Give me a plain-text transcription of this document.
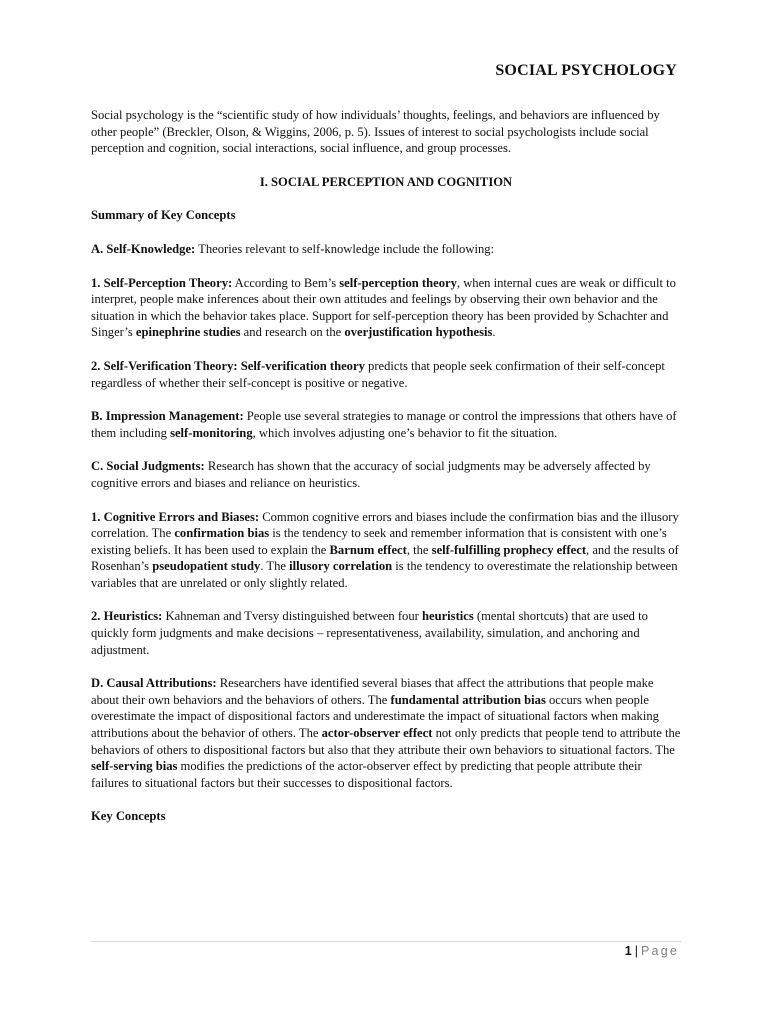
SOCIAL PSYCHOLOGY

Social psychology is the “scientific study of how individuals’ thoughts, feelings, and behaviors are influenced by other people” (Breckler, Olson, & Wiggins, 2006, p. 5). Issues of interest to social psychologists include social perception and cognition, social interactions, social influence, and group processes.

I. SOCIAL PERCEPTION AND COGNITION

Summary of Key Concepts

A. Self-Knowledge: Theories relevant to self-knowledge include the following:

1. Self-Perception Theory: According to Bem’s self-perception theory, when internal cues are weak or difficult to interpret, people make inferences about their own attitudes and feelings by observing their own behavior and the situation in which the behavior takes place. Support for self-perception theory has been provided by Schachter and Singer’s epinephrine studies and research on the overjustification hypothesis.

2. Self-Verification Theory: Self-verification theory predicts that people seek confirmation of their self-concept regardless of whether their self-concept is positive or negative.

B. Impression Management: People use several strategies to manage or control the impressions that others have of them including self-monitoring, which involves adjusting one’s behavior to fit the situation.

C. Social Judgments: Research has shown that the accuracy of social judgments may be adversely affected by cognitive errors and biases and reliance on heuristics.

1. Cognitive Errors and Biases: Common cognitive errors and biases include the confirmation bias and the illusory correlation. The confirmation bias is the tendency to seek and remember information that is consistent with one’s existing beliefs. It has been used to explain the Barnum effect, the self-fulfilling prophecy effect, and the results of Rosenhan’s pseudopatient study. The illusory correlation is the tendency to overestimate the relationship between variables that are unrelated or only slightly related.

2. Heuristics: Kahneman and Tversy distinguished between four heuristics (mental shortcuts) that are used to quickly form judgments and make decisions – representativeness, availability, simulation, and anchoring and adjustment.

D. Causal Attributions: Researchers have identified several biases that affect the attributions that people make about their own behaviors and the behaviors of others. The fundamental attribution bias occurs when people overestimate the impact of dispositional factors and underestimate the impact of situational factors when making attributions about the behavior of others. The actor-observer effect not only predicts that people tend to attribute the behaviors of others to dispositional factors but also that they attribute their own behaviors to situational factors. The self-serving bias modifies the predictions of the actor-observer effect by predicting that people attribute their failures to situational factors but their successes to dispositional factors.

Key Concepts

1 | Page
